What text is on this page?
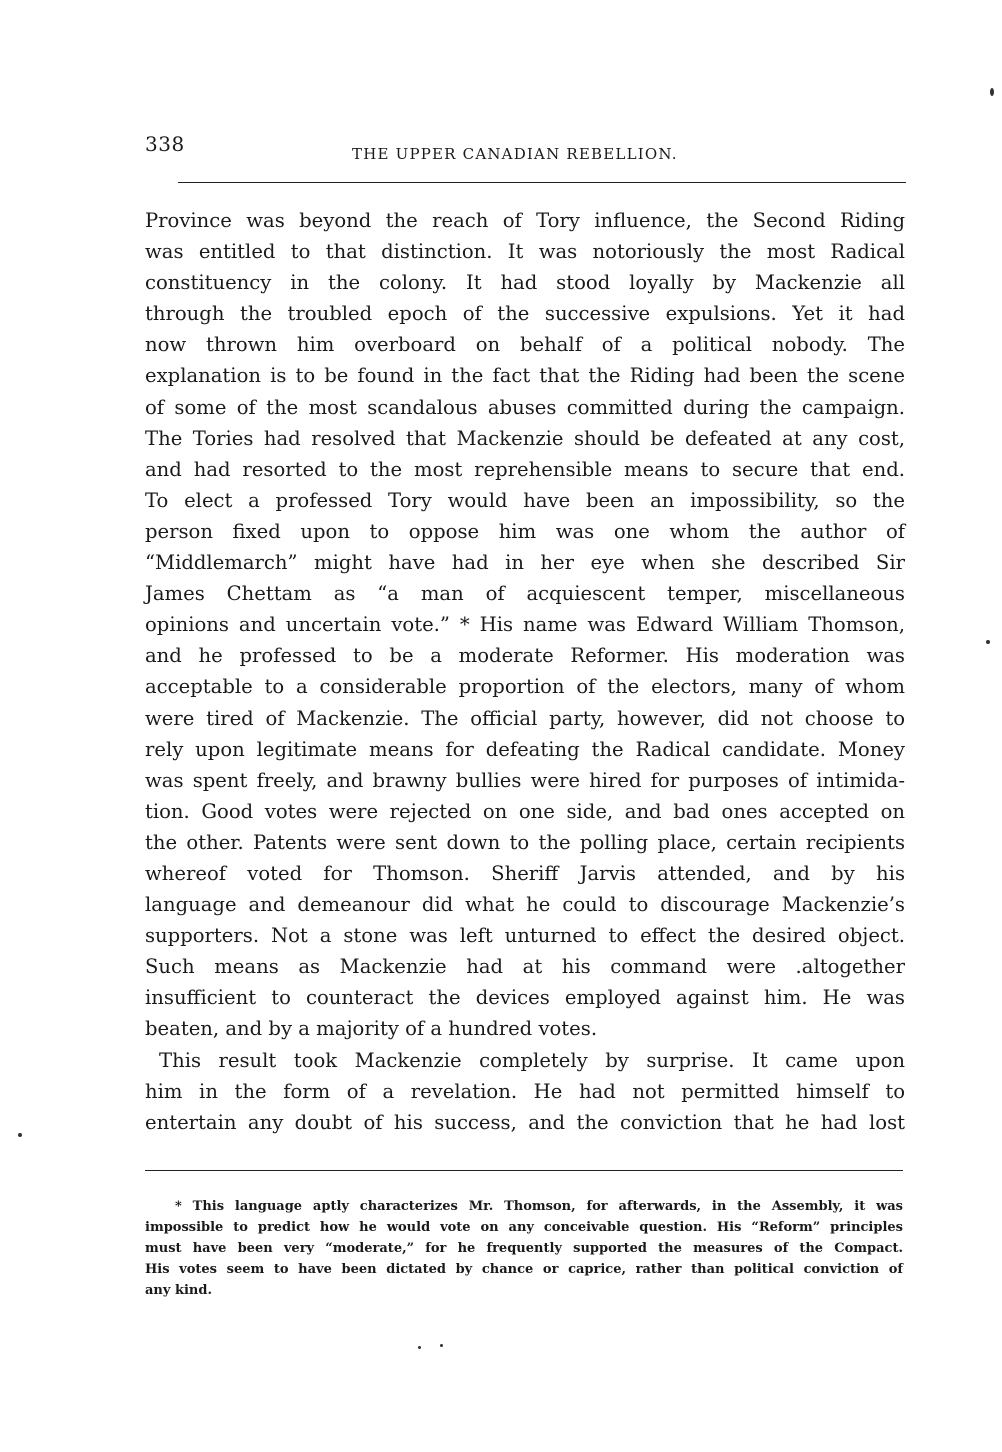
338	THE UPPER CANADIAN REBELLION.
Province was beyond the reach of Tory influence, the Second Riding
was entitled to that distinction. It was notoriously the most Radical
constituency in the colony. It had stood loyally by Mackenzie all
through the troubled epoch of the successive expulsions. Yet it had
now thrown him overboard on behalf of a political nobody. The
explanation is to be found in the fact that the Riding had been the scene
of some of the most scandalous abuses committed during the campaign.
The Tories had resolved that Mackenzie should be defeated at any cost,
and had resorted to the most reprehensible means to secure that end.
To elect a professed Tory would have been an impossibility, so the
person fixed upon to oppose him was one whom the author of
“Middlemarch” might have had in her eye when she described Sir
James Chettam as “a man of acquiescent temper, miscellaneous
opinions and uncertain vote.” * His name was Edward William Thomson,
and he professed to be a moderate Reformer. His moderation was
acceptable to a considerable proportion of the electors, many of whom
were tired of Mackenzie. The official party, however, did not choose to
rely upon legitimate means for defeating the Radical candidate. Money
was spent freely, and brawny bullies were hired for purposes of intimida-
tion. Good votes were rejected on one side, and bad ones accepted on
the other. Patents were sent down to the polling place, certain recipients
whereof voted for Thomson. Sheriff Jarvis attended, and by his
language and demeanour did what he could to discourage Mackenzie’s
supporters. Not a stone was left unturned to effect the desired object.
Such means as Mackenzie had at his command were .altogether
insufficient to counteract the devices employed against him. He was
beaten, and by a majority of a hundred votes.
This result took Mackenzie completely by surprise. It came upon
him in the form of a revelation. He had not permitted himself to
entertain any doubt of his success, and the conviction that he had lost
* This language aptly characterizes Mr. Thomson, for afterwards, in the Assembly, it was
impossible to predict how he would vote on any conceivable question. His “Reform” principles
must have been very “moderate,” for he frequently supported the measures of the Compact.
His votes seem to have been dictated by chance or caprice, rather than political conviction of
any kind.
